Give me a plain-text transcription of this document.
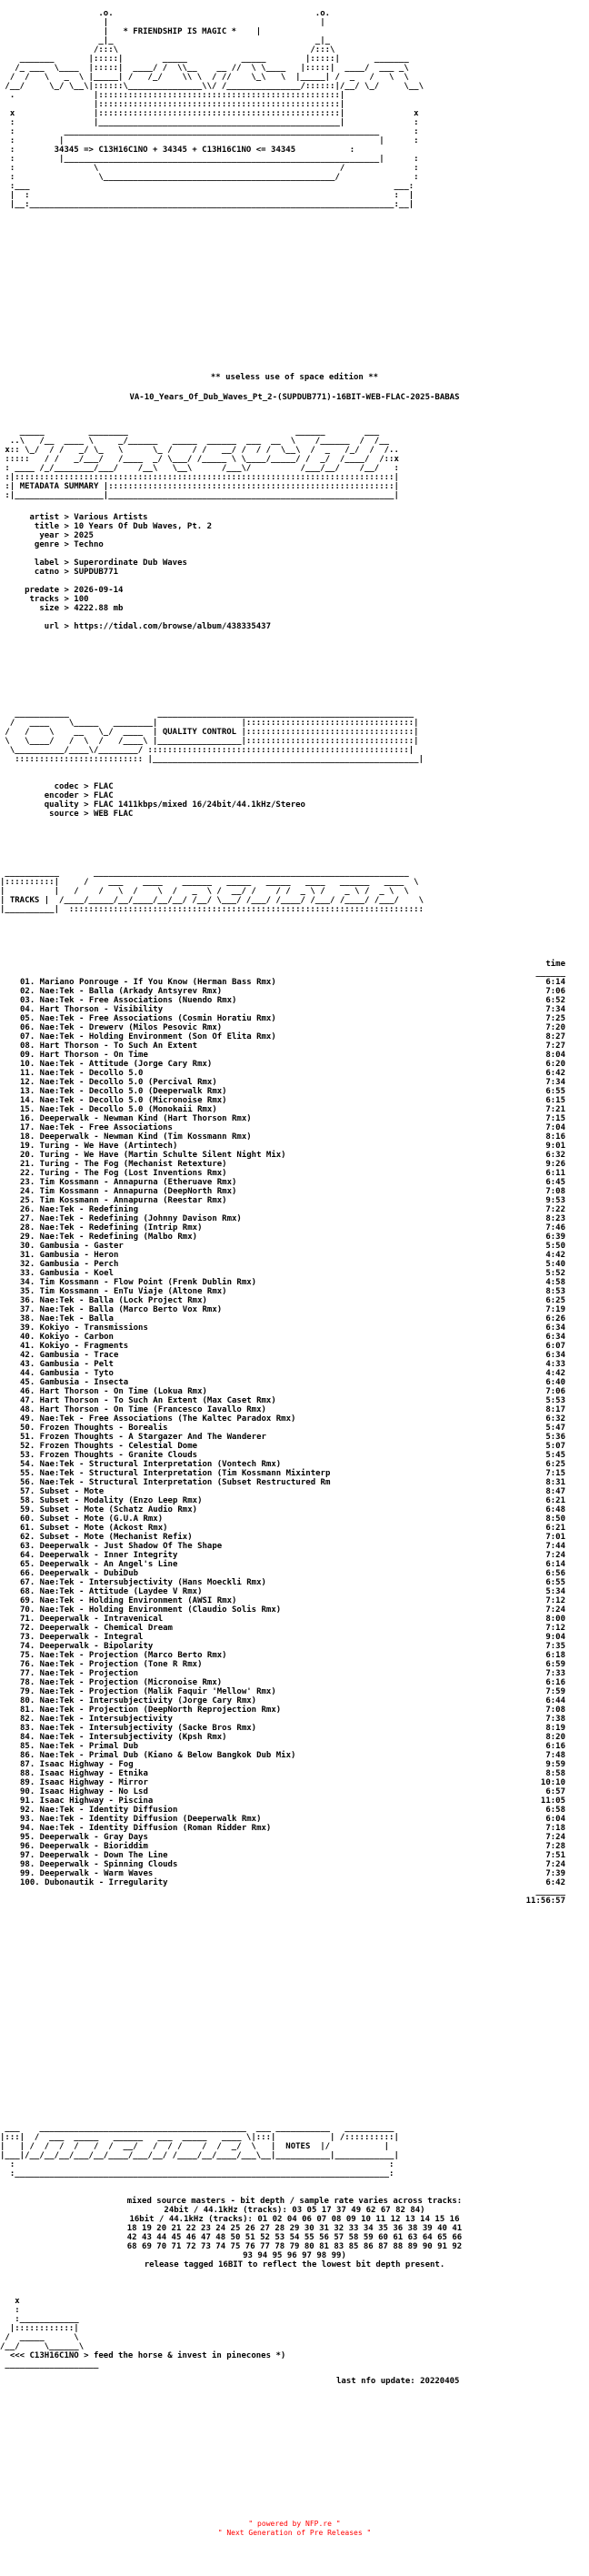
.o.                                         .o.
|                                           |
|   * FRIENDSHIP IS MAGIC *    |
_|_                                         _|_
/:::\                                       /:::\
_______       |:::::|        _____           _____        |:::::|       _______
/_ ___  \____  |:::::|  ____/ /  \\__    __ //  \ \____   |:::::|  ____/  ___ _\
/  /   \   _  \ |_____| /   /_/    \\ \  / //    \_\   \  |_____| /  _   /   \  \
/__/     \_/ \__\|::::::\_______________\\/ /_______________/::::::|/__/ \_/     \__\
.                |:::::::::::::::::::::::::::::::::::::::::::::::::|
|:::::::::::::::::::::::::::::::::::::::::::::::::|
x                |:::::::::::::::::::::::::::::::::::::::::::::::::|              x
:                |_________________________________________________|              :
:          ________________________________________________________________       :
:         |                                                                |      :
:	34345 => C13H16C1NO + 34345 + C13H16C1NO <= 34345	:
:         |________________________________________________________________|      :
:                \                                                 /              :
:                 \_______________________________________________/               :
:___                                                                          ___:
|  :                                                                          :  |
|__:__________________________________________________________________________:__|

** useless use of space edition **
VA-10_Years_Of_Dub_Waves_Pt_2-(SUPDUB771)-16BIT-WEB-FLAC-2025-BABAS
_____         ________                                  ______        ___
..\   /__  ____ \     _/______   _____  ______  ___  __  \    /______  /  /__
x:: \_/  / /   _/ \_   \      \_ /    / /   __/ /  / /  \__\  /  _   /_/  /  /..
:::::   / /   _/___/   /____  _/ \___/ /_____ \ \____/_____/ /  _/  /____/  /::x
: ____ /_/________/___/    /__\   \__\      /___\/          /___/__/    /__/   :
:|:::::::::::::::::::::::::::::::::::::::::::::::::::::::::::::::::::::::::::::|
:| METADATA SUMMARY |::::::::::::::::::::::::::::::::::::::::::::::::::::::::::|
:|__________________|__________________________________________________________|

artist > Various Artists
title > 10 Years Of Dub Waves, Pt. 2
year > 2025
genre > Techno

label > Superordinate Dub Waves
catno > SUPDUB771

predate > 2026-09-14
tracks > 100
size > 4222.88 mb

url > https://tidal.com/browse/album/438335437

___________                  ____________________________________________________
/   ____    \_____   ________|                 |::::::::::::::::::::::::::::::::::|
/   /    \    __   \_/  ____  | QUALITY CONTROL |::::::::::::::::::::::::::::::::::|
\   \____/   /  \  /   /____\ |_________________|::::::::::::::::::::::::::::::::::|
\__________/____\/________/ :::::::::::::::::::::::::::::::::::::::::::::::::::::|
:::::::::::::::::::::::::: |______________________________________________________|

codec > FLAC
encoder > FLAC
quality > FLAC 1411kbps/mixed 16/24bit/44.1kHz/Stereo
source > WEB FLAC

___________       ________________________________________________________________
|::::::::::|     /    ___    ____    ______   _____   _____   ____   ______   ____  \
|          |   /    /   \  /    \  /   _  \ /  __/ /    / /  _ \ /    _ \ /  _ \  \
| TRACKS |  /____/_____/__/____/__/__/ /__/ \___/ /___/ /____/ /___/ /____/ /___/    \
|__________|  ::::::::::::::::::::::::::::::::::::::::::::::::::::::::::::::::::::::::

time
______
01. Mariano Ponrouge - If You Know (Herman Bass Rmx)	6:14
02. Nae:Tek - Balla (Arkady Antsyrev Rmx)	7:06
03. Nae:Tek - Free Associations (Nuendo Rmx)	6:52
04. Hart Thorson - Visibility	7:34
05. Nae:Tek - Free Associations (Cosmin Horatiu Rmx)	7:25
06. Nae:Tek - Drewerv (Milos Pesovic Rmx)	7:20
07. Nae:Tek - Holding Environment (Son Of Elita Rmx)	8:27
08. Hart Thorson - To Such An Extent	7:27
09. Hart Thorson - On Time	8:04
10. Nae:Tek - Attitude (Jorge Cary Rmx)	6:20
11. Nae:Tek - Decollo 5.0	6:42
12. Nae:Tek - Decollo 5.0 (Percival Rmx)	7:34
13. Nae:Tek - Decollo 5.0 (Deeperwalk Rmx)	6:55
14. Nae:Tek - Decollo 5.0 (Micronoise Rmx)	6:15
15. Nae:Tek - Decollo 5.0 (Monokaii Rmx)	7:21
16. Deeperwalk - Newman Kind (Hart Thorson Rmx)	7:15
17. Nae:Tek - Free Associations	7:04
18. Deeperwalk - Newman Kind (Tim Kossmann Rmx)	8:16
19. Turing - We Have (Artintech)	9:01
20. Turing - We Have (Martin Schulte Silent Night Mix)	6:32
21. Turing - The Fog (Mechanist Retexture)	9:26
22. Turing - The Fog (Lost Inventions Rmx)	6:11
23. Tim Kossmann - Annapurna (Etheruave Rmx)	6:45
24. Tim Kossmann - Annapurna (DeepNorth Rmx)	7:08
25. Tim Kossmann - Annapurna (Reestar Rmx)	9:53
26. Nae:Tek - Redefining	7:22
27. Nae:Tek - Redefining (Johnny Davison Rmx)	8:23
28. Nae:Tek - Redefining (Intrip Rmx)	7:46
29. Nae:Tek - Redefining (Malbo Rmx)	6:39
30. Gambusia - Gaster	5:50
31. Gambusia - Heron	4:42
32. Gambusia - Perch	5:40
33. Gambusia - Koel	5:52
34. Tim Kossmann - Flow Point (Frenk Dublin Rmx)	4:58
35. Tim Kossmann - EnTu Viaje (Altone Rmx)	8:53
36. Nae:Tek - Balla (Lock Project Rmx)	6:25
37. Nae:Tek - Balla (Marco Berto Vox Rmx)	7:19
38. Nae:Tek - Balla	6:26
39. Kokiyo - Transmissions	6:34
40. Kokiyo - Carbon	6:34
41. Kokiyo - Fragments	6:07
42. Gambusia - Trace	6:34
43. Gambusia - Pelt	4:33
44. Gambusia - Tyto	4:42
45. Gambusia - Insecta	6:40
46. Hart Thorson - On Time (Lokua Rmx)	7:06
47. Hart Thorson - To Such An Extent (Max Caset Rmx)	5:53
48. Hart Thorson - On Time (Francesco Iavallo Rmx)	8:17
49. Nae:Tek - Free Associations (The Kaltec Paradox Rmx)	6:32
50. Frozen Thoughts - Borealis	5:47
51. Frozen Thoughts - A Stargazer And The Wanderer	5:36
52. Frozen Thoughts - Celestial Dome	5:07
53. Frozen Thoughts - Granite Clouds	5:45
54. Nae:Tek - Structural Interpretation (Vontech Rmx)	6:25
55. Nae:Tek - Structural Interpretation (Tim Kossmann Mixinterp	7:15
56. Nae:Tek - Structural Interpretation (Subset Restructured Rm	8:31
57. Subset - Mote	8:47
58. Subset - Modality (Enzo Leep Rmx)	6:21
59. Subset - Mote (Schatz Audio Rmx)	6:48
60. Subset - Mote (G.U.A Rmx)	8:50
61. Subset - Mote (Ackost Rmx)	6:21
62. Subset - Mote (Mechanist Refix)	7:01
63. Deeperwalk - Just Shadow Of The Shape	7:44
64. Deeperwalk - Inner Integrity	7:24
65. Deeperwalk - An Angel's Line	6:14
66. Deeperwalk - DubiDub	6:56
67. Nae:Tek - Intersubjectivity (Hans Moeckli Rmx)	6:55
68. Nae:Tek - Attitude (Laydee V Rmx)	5:34
69. Nae:Tek - Holding Environment (AWSI Rmx)	7:12
70. Nae:Tek - Holding Environment (Claudio Solis Rmx)	7:24
71. Deeperwalk - Intravenical	8:00
72. Deeperwalk - Chemical Dream	7:12
73. Deeperwalk - Integral	9:04
74. Deeperwalk - Bipolarity	7:35
75. Nae:Tek - Projection (Marco Berto Rmx)	6:18
76. Nae:Tek - Projection (Tone R Rmx)	6:59
77. Nae:Tek - Projection	7:33
78. Nae:Tek - Projection (Micronoise Rmx)	6:16
79. Nae:Tek - Projection (Malik Faquir 'Mellow' Rmx)	7:59
80. Nae:Tek - Intersubjectivity (Jorge Cary Rmx)	6:44
81. Nae:Tek - Projection (DeepNorth Reprojection Rmx)	7:08
82. Nae:Tek - Intersubjectivity	7:38
83. Nae:Tek - Intersubjectivity (Sacke Bros Rmx)	8:19
84. Nae:Tek - Intersubjectivity (Kpsh Rmx)	8:20
85. Nae:Tek - Primal Dub	6:16
86. Nae:Tek - Primal Dub (Kiano & Below Bangkok Dub Mix)	7:48
87. Isaac Highway - Fog	9:59
88. Isaac Highway - Etnika	8:58
89. Isaac Highway - Mirror	10:10
90. Isaac Highway - No Lsd	6:57
91. Isaac Highway - Piscina	11:05
92. Nae:Tek - Identity Diffusion	6:58
93. Nae:Tek - Identity Diffusion (Deeperwalk Rmx)	6:04
94. Nae:Tek - Identity Diffusion (Roman Ridder Rmx)	7:18
95. Deeperwalk - Gray Days	7:24
96. Deeperwalk - Bioriddim	7:28
97. Deeperwalk - Down The Line	7:51
98. Deeperwalk - Spinning Clouds	7:24
99. Deeperwalk - Warm Waves	7:39
100. Dubonautik - Irregularity	6:42
______
11:56:57
___    __________________________________________  ___ ___________   __________
|:::|  /  ___  _____   ______   ___  _____   ____ \|:::|           | /::::::::::|
|   | /  /  /  /   /  /  __/   /  / /    /  /  _/  \   |  NOTES  |/           |
|___|/__/__/__/___/__/____/___/__/ /____/__/____/___\__|___________|____________|
:                                                                            :
:____________________________________________________________________________:

mixed source masters - bit depth / sample rate varies across tracks:
24bit / 44.1kHz (tracks): 03 05 17 37 49 62 67 82 84)
16bit / 44.1kHz (tracks): 01 02 04 06 07 08 09 10 11 12 13 14 15 16
18 19 20 21 22 23 24 25 26 27 28 29 30 31 32 33 34 35 36 38 39 40 41
42 43 44 45 46 47 48 50 51 52 53 54 55 56 57 58 59 60 61 63 64 65 66
68 69 70 71 72 73 74 75 76 77 78 79 80 81 83 85 86 87 88 89 90 91 92
93 94 95 96 97 98 99)
release tagged 16BIT to reflect the lowest bit depth present.
x
:
:____________
|::::::::::::|
/  _____      \
/__/     \______\
<<< C13H16C1NO > feed the horse & invest in pinecones *)
___________________

last nfo update: 20220405
" powered by NFP.re "
" Next Generation of Pre Releases "
